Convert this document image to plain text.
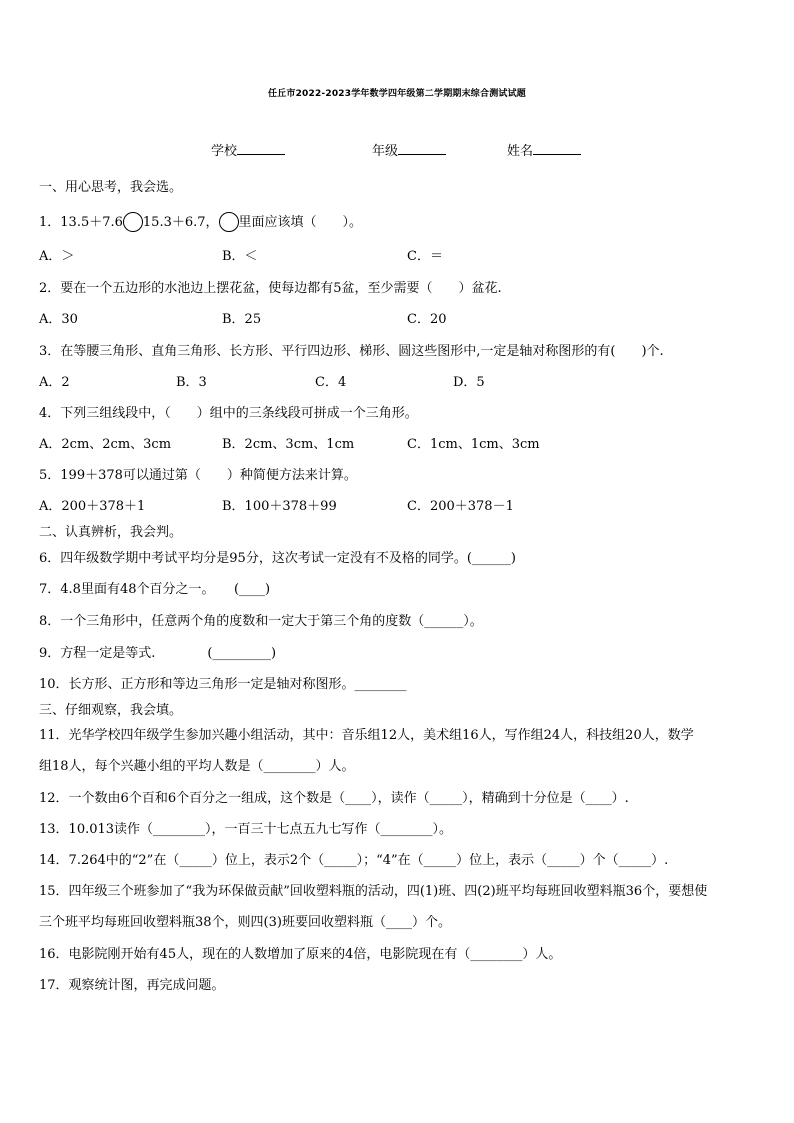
任丘市2022-2023学年数学四年级第二学期期末综合测试试题
学校	年级	姓名
一、用心思考，我会选。
1．13.5＋7.6 15.3＋6.7， 里面应该填（　　）。
A．＞	B．＜	C．＝
2．要在一个五边形的水池边上摆花盆，使每边都有5盆，至少需要（　　）盆花.
A．30	B．25	C．20
3．在等腰三角形、直角三角形、长方形、平行四边形、梯形、圆这些图形中,一定是轴对称图形的有(　　)个.
A．2	B．3	C．4	D．5
4．下列三组线段中，（　　）组中的三条线段可拼成一个三角形。
A．2cm、2cm、3cm	B．2cm、3cm、1cm	C．1cm、1cm、3cm
5．199＋378可以通过第（　　）种简便方法来计算。
A．200＋378＋1	B．100＋378＋99	C．200＋378－1
二、认真辨析，我会判。
6．四年级数学期中考试平均分是95分，这次考试一定没有不及格的同学。(______)
7．4.8里面有48个百分之一。　　(____)
8．一个三角形中，任意两个角的度数和一定大于第三个角的度数（______）。
9．方程一定是等式.　　　　(_________)
10．长方形、正方形和等边三角形一定是轴对称图形。________
三、仔细观察，我会填。
11．光华学校四年级学生参加兴趣小组活动，其中：音乐组12人，美术组16人，写作组24人，科技组20人，数学
组18人，每个兴趣小组的平均人数是（________）人。
12．一个数由6个百和6个百分之一组成，这个数是（____），读作（_____），精确到十分位是（____）.
13．10.013读作（________），一百三十七点五九七写作（________）。
14．7.264中的“2”在（_____）位上，表示2个（_____）；“4”在（_____）位上，表示（_____）个（_____）.
15．四年级三个班参加了“我为环保做贡献”回收塑料瓶的活动，四(1)班、四(2)班平均每班回收塑料瓶36个，要想使
三个班平均每班回收塑料瓶38个，则四(3)班要回收塑料瓶（____）个。
16．电影院刚开始有45人，现在的人数增加了原来的4倍，电影院现在有（________）人。
17．观察统计图，再完成问题。
